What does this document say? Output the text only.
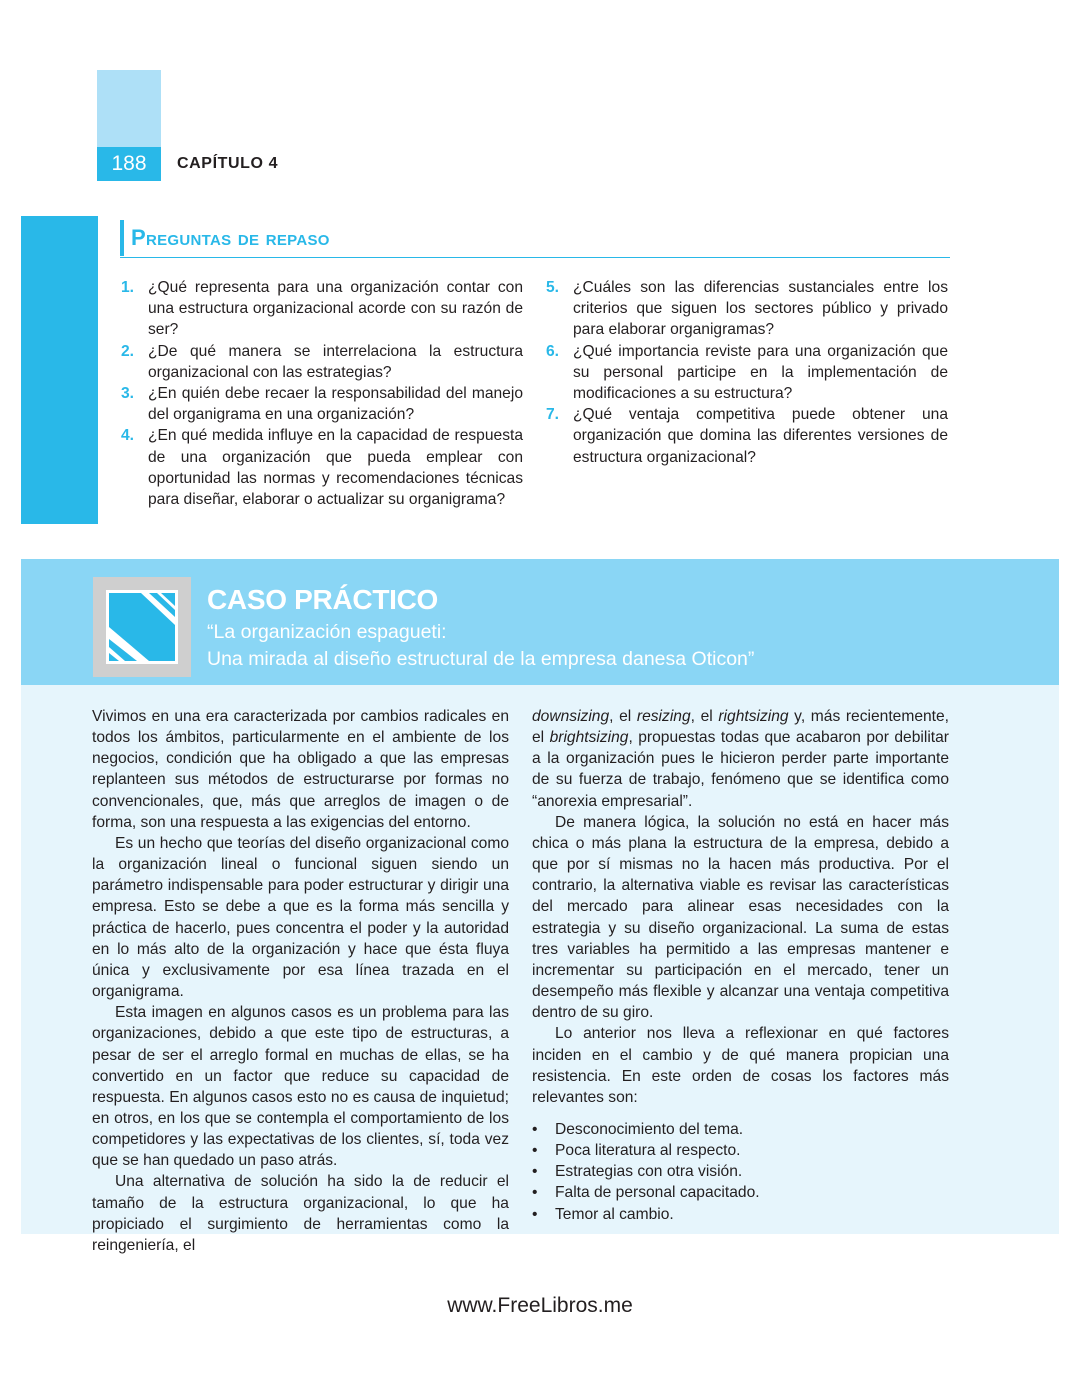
188	CAPÍTULO 4
Preguntas de repaso
1. ¿Qué representa para una organización contar con una estructura organizacional acorde con su razón de ser?
2. ¿De qué manera se interrelaciona la estructura organizacional con las estrategias?
3. ¿En quién debe recaer la responsabilidad del manejo del organigrama en una organización?
4. ¿En qué medida influye en la capacidad de respuesta de una organización que pueda emplear con oportunidad las normas y recomendaciones técnicas para diseñar, elaborar o actualizar su organigrama?
5. ¿Cuáles son las diferencias sustanciales entre los criterios que siguen los sectores público y privado para elaborar organigramas?
6. ¿Qué importancia reviste para una organización que su personal participe en la implementación de modificaciones a su estructura?
7. ¿Qué ventaja competitiva puede obtener una organización que domina las diferentes versiones de estructura organizacional?
CASO PRÁCTICO
“La organización espagueti:
Una mirada al diseño estructural de la empresa danesa Oticon”

Vivimos en una era caracterizada por cambios radicales en todos los ámbitos, particularmente en el ambiente de los negocios, condición que ha obligado a que las empresas replanteen sus métodos de estructurarse por formas no convencionales, que, más que arreglos de imagen o de forma, son una respuesta a las exigencias del entorno.

Es un hecho que teorías del diseño organizacional como la organización lineal o funcional siguen siendo un parámetro indispensable para poder estructurar y dirigir una empresa. Esto se debe a que es la forma más sencilla y práctica de hacerlo, pues concentra el poder y la autoridad en lo más alto de la organización y hace que ésta fluya única y exclusivamente por esa línea trazada en el organigrama.

Esta imagen en algunos casos es un problema para las organizaciones, debido a que este tipo de estructuras, a pesar de ser el arreglo formal en muchas de ellas, se ha convertido en un factor que reduce su capacidad de respuesta. En algunos casos esto no es causa de inquietud; en otros, en los que se contempla el comportamiento de los competidores y las expectativas de los clientes, sí, toda vez que se han quedado un paso atrás.

Una alternativa de solución ha sido la de reducir el tamaño de la estructura organizacional, lo que ha propiciado el surgimiento de herramientas como la reingeniería, el

downsizing, el resizing, el rightsizing y, más recientemente, el brightsizing, propuestas todas que acabaron por debilitar a la organización pues le hicieron perder parte importante de su fuerza de trabajo, fenómeno que se identifica como “anorexia empresarial”.

De manera lógica, la solución no está en hacer más chica o más plana la estructura de la empresa, debido a que por sí mismas no la hacen más productiva. Por el contrario, la alternativa viable es revisar las características del mercado para alinear esas necesidades con la estrategia y su diseño organizacional. La suma de estas tres variables ha permitido a las empresas mantener e incrementar su participación en el mercado, tener un desempeño más flexible y alcanzar una ventaja competitiva dentro de su giro.

Lo anterior nos lleva a reflexionar en qué factores inciden en el cambio y de qué manera propician una resistencia. En este orden de cosas los factores más relevantes son:

• Desconocimiento del tema.
• Poca literatura al respecto.
• Estrategias con otra visión.
• Falta de personal capacitado.
• Temor al cambio.
www.FreeLibros.me
